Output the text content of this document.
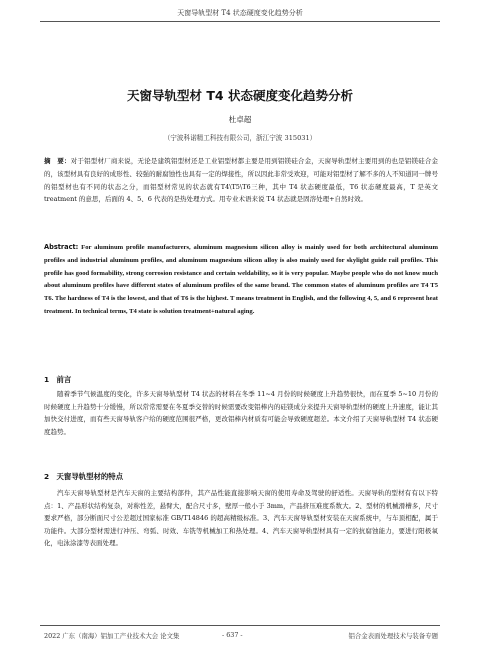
天窗导轨型材 T4 状态硬度变化趋势分析
天窗导轨型材 T4 状态硬度变化趋势分析
杜卓超
（宁波科诺精工科技有限公司，浙江宁波 315031）
摘　要：对于铝型材厂商来说，无论是建筑铝型材还是工业铝型材都主要是用到铝镁硅合金，天窗导轨型材主要用到的也是铝镁硅合金的，该型材具有良好的成形性、较强的耐腐蚀性也具有一定的焊接性，所以因此非常受欢迎，可能对铝型材了解不多的人不知道同一牌号的铝型材也有不同的状态之分，而铝型材常见的状态就有T4\T5\T6三种，其中 T4 状态硬度最低，T6 状态硬度最高，T 是英文 treatment 的意思，后面的 4、5、6 代表的是热处理方式。用专业术语来说 T4 状态就是固溶处理+自然时效。
Abstract: For aluminum profile manufacturers, aluminum magnesium silicon alloy is mainly used for both architectural aluminum profiles and industrial aluminum profiles, and aluminum magnesium silicon alloy is also mainly used for skylight guide rail profiles. This profile has good formability, strong corrosion resistance and certain weldability, so it is very popular. Maybe people who do not know much about aluminum profiles have different states of aluminum profiles of the same brand. The common states of aluminum profiles are T4 T5 T6. The hardness of T4 is the lowest, and that of T6 is the highest. T means treatment in English, and the following 4, 5, and 6 represent heat treatment. In technical terms, T4 state is solution treatment+natural aging.
1　前言
随着季节气候温度的变化，许多天窗导轨型材 T4 状态的材料在冬季 11~4 月份的时候硬度上升趋势很快，而在夏季 5~10 月份的时候硬度上升趋势十分缓慢，所以常常需要在冬夏季交替的时候需要改变铝棒内的硅镁成分来提升天窗导轨型材的硬度上升速度，能让其加快交付进度，而有些天窗导轨客户给的硬度范围很严格，更改铝棒内材质有可能会导致硬度超差。本文介绍了天窗导轨型材 T4 状态硬度趋势。
2　天窗导轨型材的特点
汽车天窗导轨型材是汽车天窗的主要结构部件，其产品性能直接影响天窗的使用寿命及驾驶的舒适性。天窗导轨的型材有有以下特点：1、产品形状结构复杂，对称性差，悬臂大，配合尺寸多，壁厚一般小于 3mm，产品挤压难度系数大。2、型材的机械滑槽多，尺寸要求严格，部分断面尺寸公差超过国家标准 GB/T14846 的超高精级标准。3、汽车天窗导轨型材安装在天窗系统中，与车顶相配，属于功能件。大部分型材需进行冲压、弯弧、时效、车铣等机械加工和热处理。4、汽车天窗导轨型材具有一定的抗腐蚀能力，要进行阳极氧化，电泳涂漆等表面处理。
2022 广东（南海）铝加工产业技术大会 论文集	- 637 -	铝合金表面处理技术与装备专题
